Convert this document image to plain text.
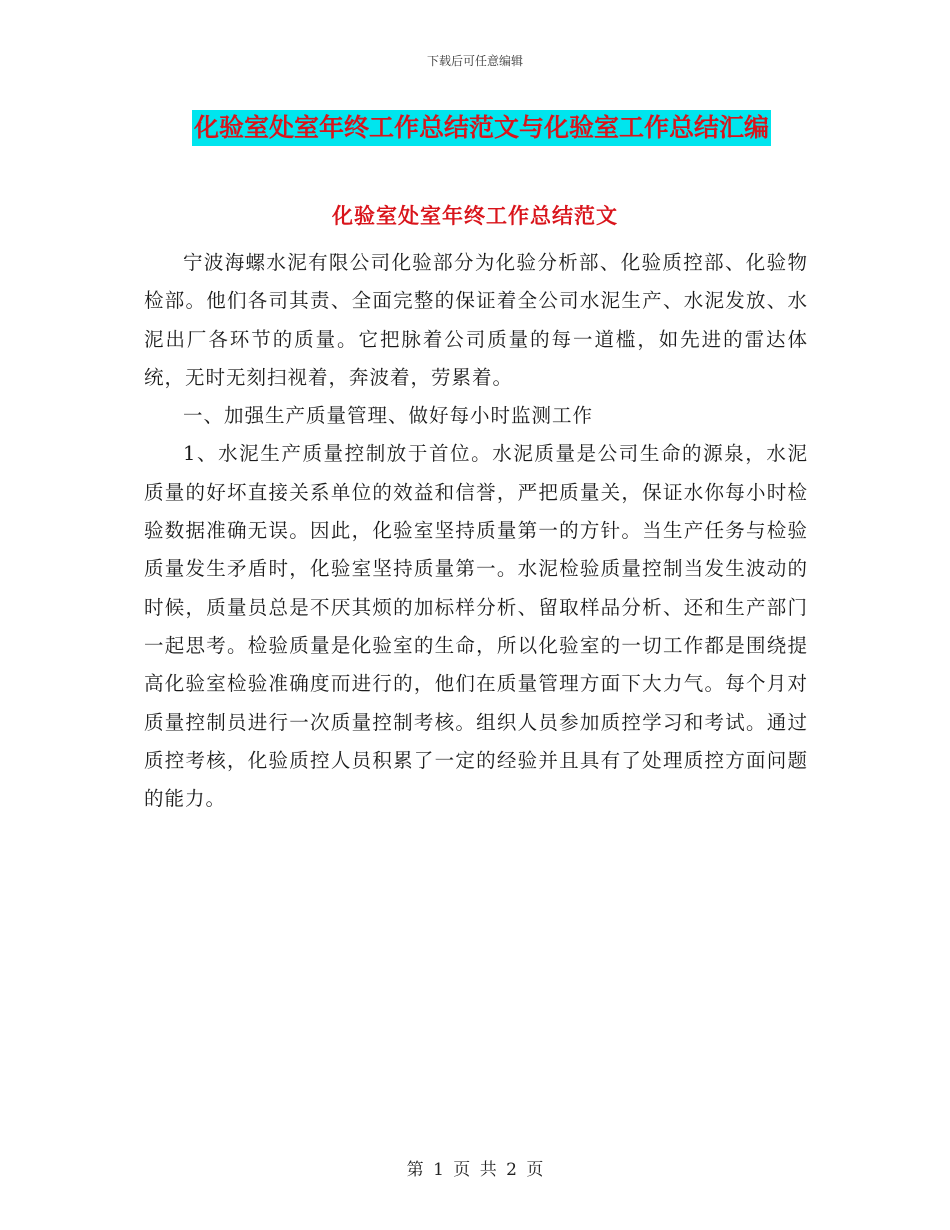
下载后可任意编辑
化验室处室年终工作总结范文与化验室工作总结汇编
化验室处室年终工作总结范文

宁波海螺水泥有限公司化验部分为化验分析部、化验质控部、化验物检部。他们各司其责、全面完整的保证着全公司水泥生产、水泥发放、水泥出厂各环节的质量。它把脉着公司质量的每一道槛，如先进的雷达体统，无时无刻扫视着，奔波着，劳累着。

一、加强生产质量管理、做好每小时监测工作

1、水泥生产质量控制放于首位。水泥质量是公司生命的源泉，水泥质量的好坏直接关系单位的效益和信誉，严把质量关，保证水你每小时检验数据准确无误。因此，化验室坚持质量第一的方针。当生产任务与检验质量发生矛盾时，化验室坚持质量第一。水泥检验质量控制当发生波动的时候，质量员总是不厌其烦的加标样分析、留取样品分析、还和生产部门一起思考。检验质量是化验室的生命，所以化验室的一切工作都是围绕提高化验室检验准确度而进行的，他们在质量管理方面下大力气。每个月对质量控制员进行一次质量控制考核。组织人员参加质控学习和考试。通过质控考核，化验质控人员积累了一定的经验并且具有了处理质控方面问题的能力。

第 1 页 共 2 页
